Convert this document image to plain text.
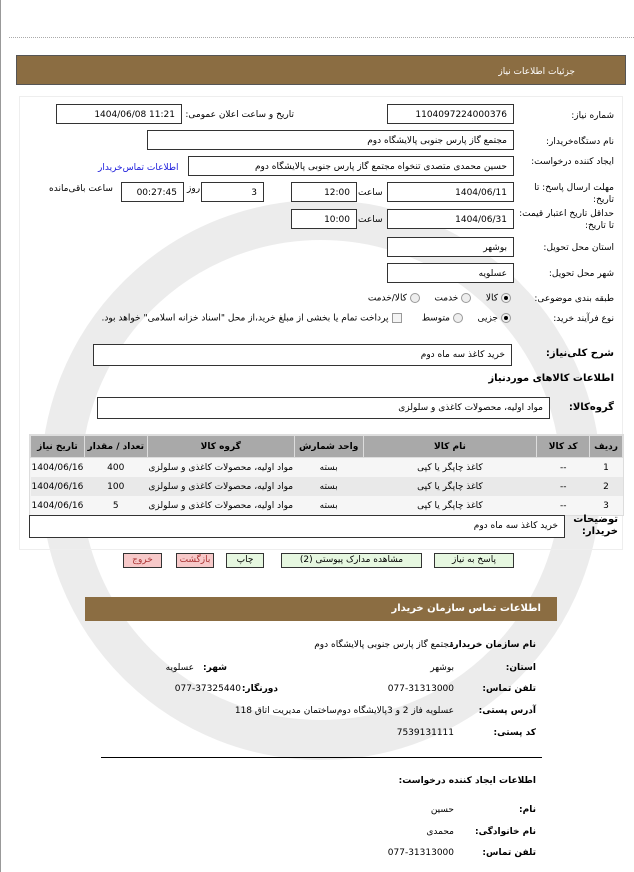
جزئیات اطلاعات نیاز
شماره نیاز:
1104097224000376
تاریخ و ساعت اعلان عمومی:
1404/06/08 11:21
نام دستگاه‌خریدار:
مجتمع گاز پارس جنوبی پالایشگاه دوم
ایجاد کننده درخواست:
حسین محمدی متصدی تنخواه مجتمع گاز پارس جنوبی پالایشگاه دوم
اطلاعات تماس‌خریدار
مهلت ارسال پاسخ: تا تاریخ:
1404/06/11
ساعت
12:00
3
روز
00:27:45
ساعت باقی‌مانده
حداقل تاریخ اعتبار قیمت: تا تاریخ:
1404/06/31
ساعت
10:00
استان محل تحویل:
بوشهر
شهر محل تحویل:
عسلویه
طبقه بندی موضوعی:
کالا    خدمت    کالا/خدمت
نوع فرآیند خرید:
جزیی    متوسط      پرداخت تمام یا بخشی از مبلغ خرید،از محل "اسناد خزانه اسلامی" خواهد بود.
شرح کلی‌نیاز:
خرید کاغذ سه ماه دوم
اطلاعات کالاهای موردنیاز
گروه‌کالا:
مواد اولیه، محصولات کاغذی و سلولزی
ردیف	کد کالا	نام کالا	واحد شمارش	گروه کالا	تعداد / مقدار	تاریخ نیاز
1	--	کاغذ چاپگر یا کپی	بسته	مواد اولیه، محصولات کاغذی و سلولزی	400	1404/06/16
2	--	کاغذ چاپگر یا کپی	بسته	مواد اولیه، محصولات کاغذی و سلولزی	100	1404/06/16
3	--	کاغذ چاپگر یا کپی	بسته	مواد اولیه، محصولات کاغذی و سلولزی	5	1404/06/16
توضیحات خریدار:
خرید کاغذ سه ماه دوم
پاسخ به نیاز
مشاهده مدارک پیوستی (2)
چاپ
بازگشت
خروج
اطلاعات تماس سازمان خریدار
نام سازمان خریدار:
مجتمع گاز پارس جنوبی پالایشگاه دوم
استان:
بوشهر
شهر:
عسلویه
تلفن تماس:
077-31313000
دورنگار:
077-37325440
آدرس پستی:
عسلویه فاز 2 و 3پالایشگاه دوم‌ساختمان مدیریت اتاق 118
کد پستی:
7539131111
اطلاعات ایجاد کننده درخواست:
نام:
حسین
نام خانوادگی:
محمدی
تلفن تماس:
077-31313000
